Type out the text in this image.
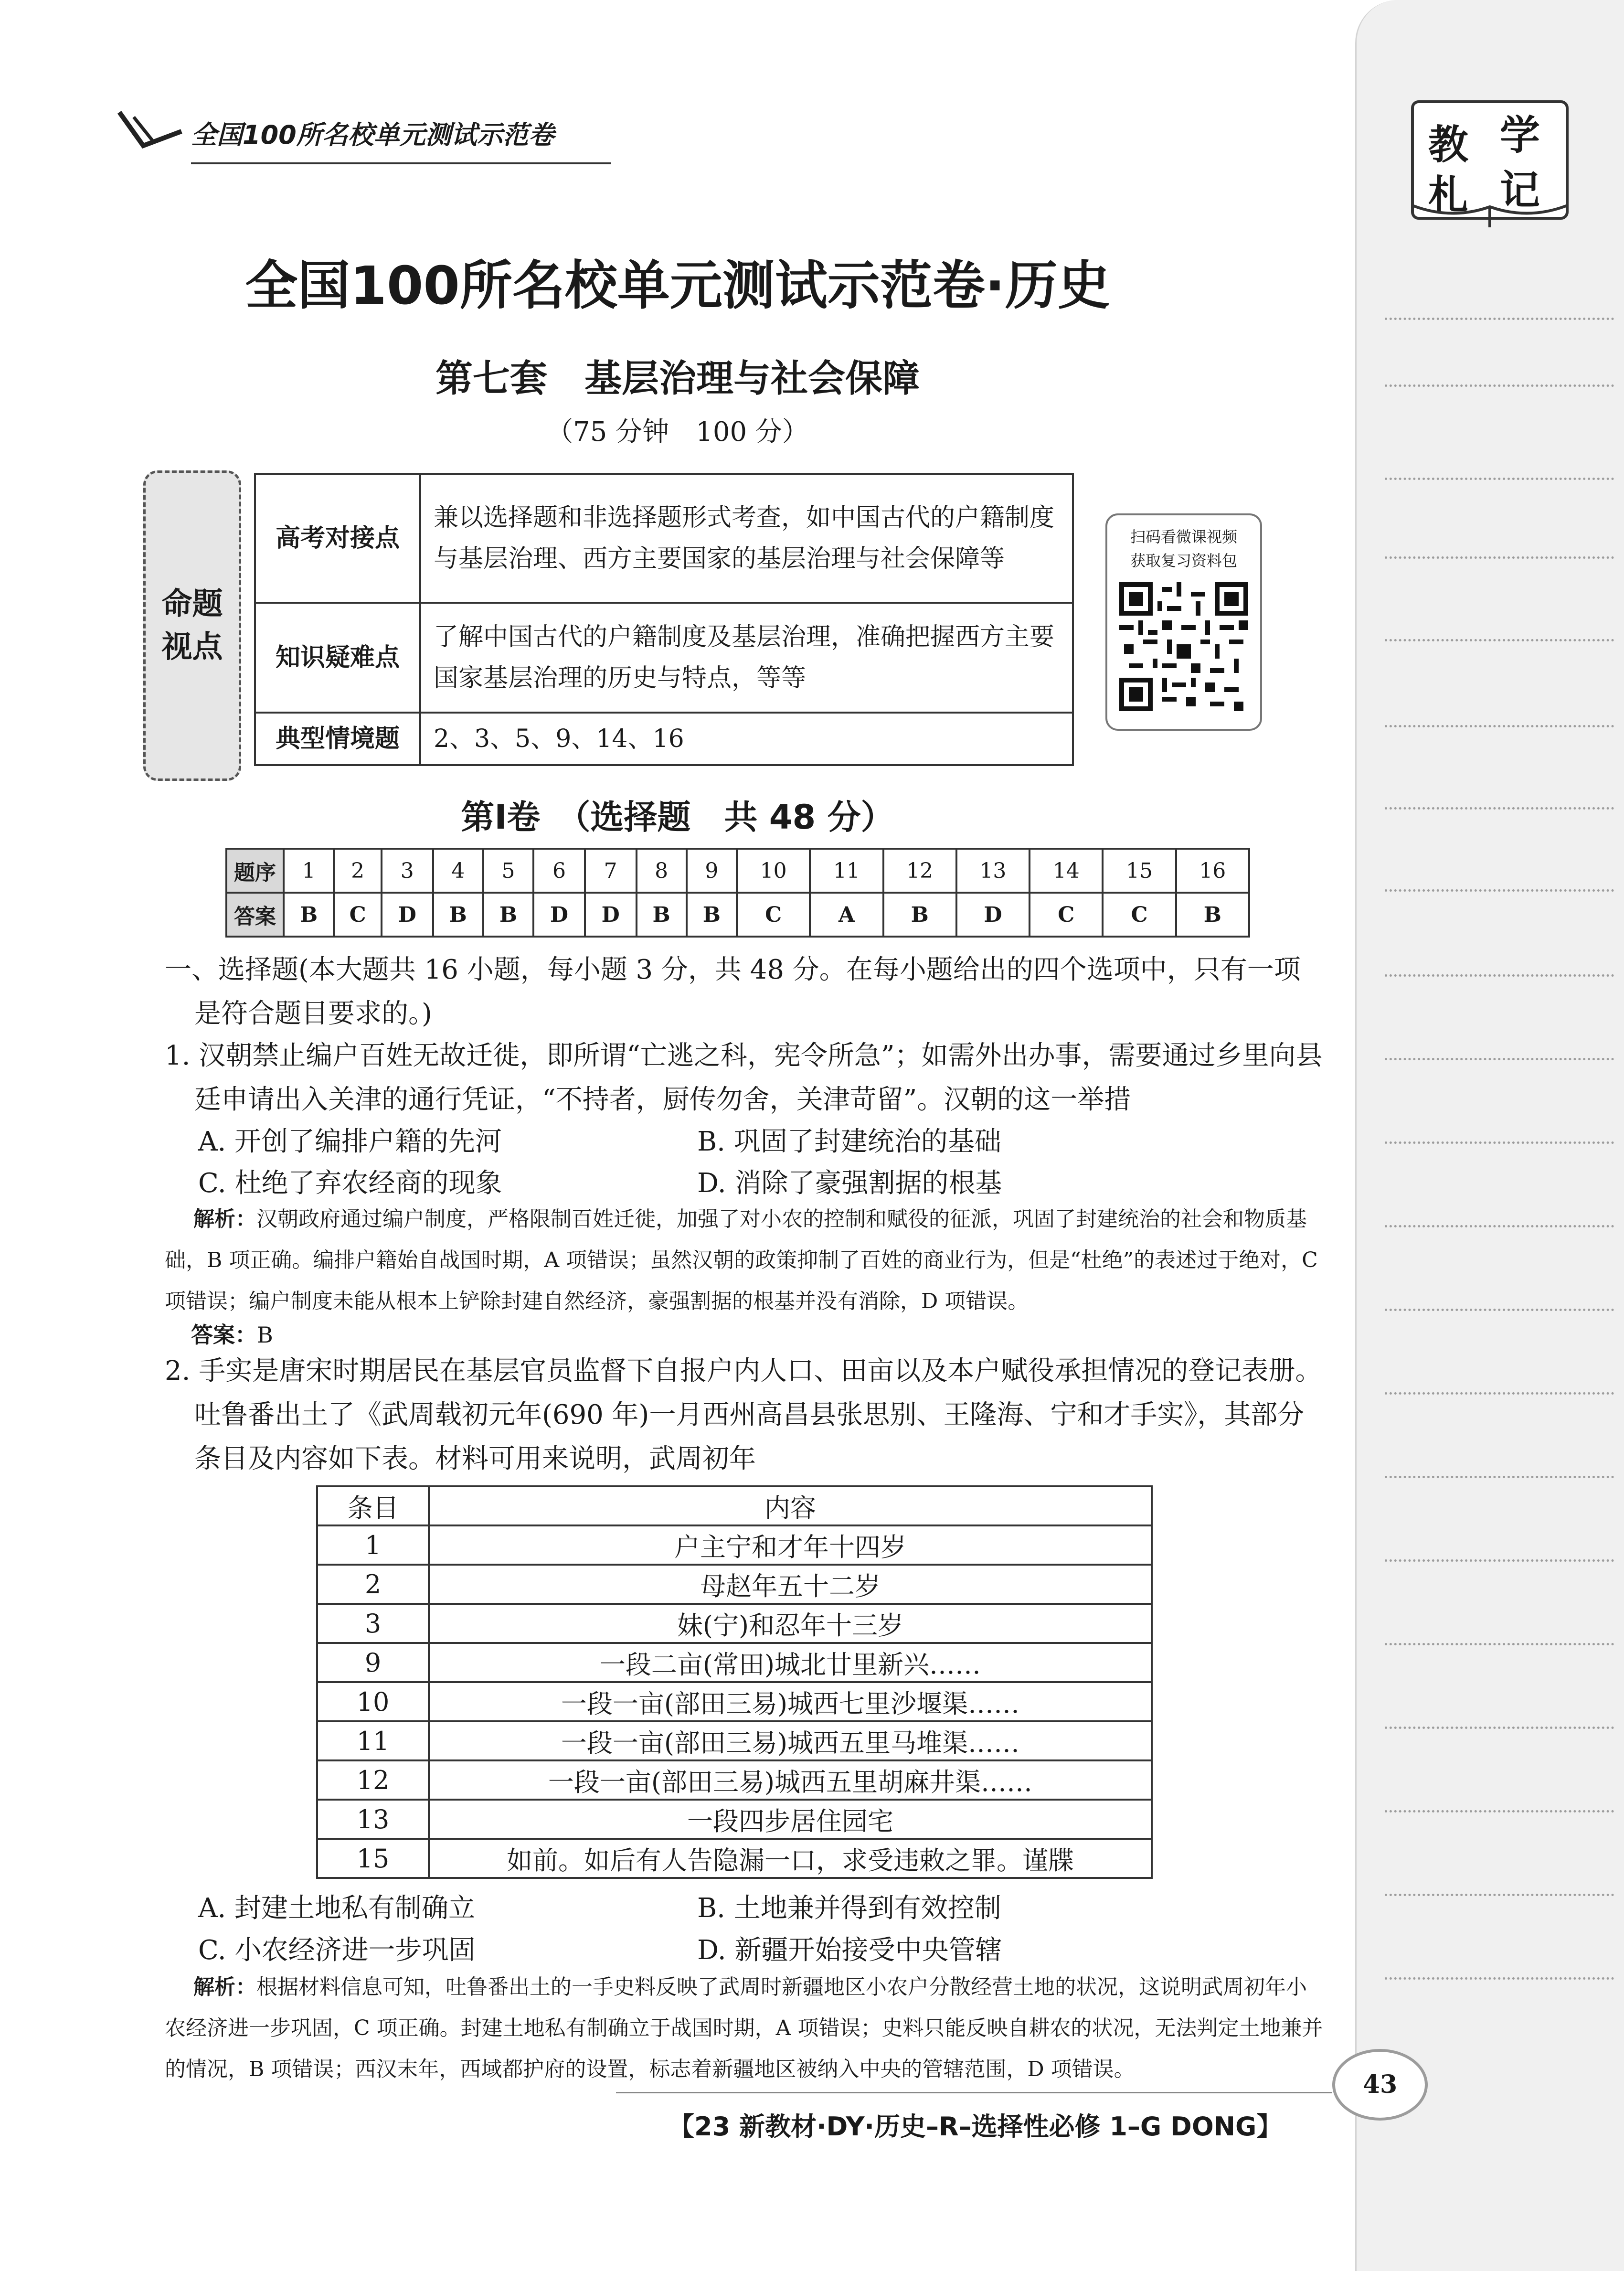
教 学
札 记
全国100所名校单元测试示范卷
全国100所名校单元测试示范卷·历史
第七套　基层治理与社会保障
（75 分钟　100 分）
命题
视点
高考对接点	兼以选择题和非选择题形式考查，如中国古代的户籍制度与基层治理、西方主要国家的基层治理与社会保障等
知识疑难点	了解中国古代的户籍制度及基层治理，准确把握西方主要国家基层治理的历史与特点，等等
典型情境题	2、3、5、9、14、16
扫码看微课视频
获取复习资料包
第Ⅰ卷　（选择题　共 48 分）
题序	1	2	3	4	5	6	7	8	9	10	11	12	13	14	15	16
答案	B	C	D	B	B	D	D	B	B	C	A	B	D	C	C	B
一、选择题(本大题共 16 小题，每小题 3 分，共 48 分。在每小题给出的四个选项中，只有一项是符合题目要求的。)
1. 汉朝禁止编户百姓无故迁徙，即所谓“亡逃之科，宪令所急”；如需外出办事，需要通过乡里向县廷申请出入关津的通行凭证，“不持者，厨传勿舍，关津苛留”。汉朝的这一举措
A. 开创了编排户籍的先河	B. 巩固了封建统治的基础
C. 杜绝了弃农经商的现象	D. 消除了豪强割据的根基
解析：汉朝政府通过编户制度，严格限制百姓迁徙，加强了对小农的控制和赋役的征派，巩固了封建统治的社会和物质基础，B 项正确。编排户籍始自战国时期，A 项错误；虽然汉朝的政策抑制了百姓的商业行为，但是“杜绝”的表述过于绝对，C 项错误；编户制度未能从根本上铲除封建自然经济，豪强割据的根基并没有消除，D 项错误。
答案：B
2. 手实是唐宋时期居民在基层官员监督下自报户内人口、田亩以及本户赋役承担情况的登记表册。吐鲁番出土了《武周载初元年(690 年)一月西州高昌县张思别、王隆海、宁和才手实》，其部分条目及内容如下表。材料可用来说明，武周初年
条目	内容
1	户主宁和才年十四岁
2	母赵年五十二岁
3	妹(宁)和忍年十三岁
9	一段二亩(常田)城北廿里新兴……
10	一段一亩(部田三易)城西七里沙堰渠……
11	一段一亩(部田三易)城西五里马堆渠……
12	一段一亩(部田三易)城西五里胡麻井渠……
13	一段四步居住园宅
15	如前。如后有人告隐漏一口，求受违敕之罪。谨牒
A. 封建土地私有制确立	B. 土地兼并得到有效控制
C. 小农经济进一步巩固	D. 新疆开始接受中央管辖
解析：根据材料信息可知，吐鲁番出土的一手史料反映了武周时新疆地区小农户分散经营土地的状况，这说明武周初年小农经济进一步巩固，C 项正确。封建土地私有制确立于战国时期，A 项错误；史料只能反映自耕农的状况，无法判定土地兼并的情况，B 项错误；西汉末年，西域都护府的设置，标志着新疆地区被纳入中央的管辖范围，D 项错误。
【23 新教材·DY·历史–R–选择性必修 1–G DONG】
43
